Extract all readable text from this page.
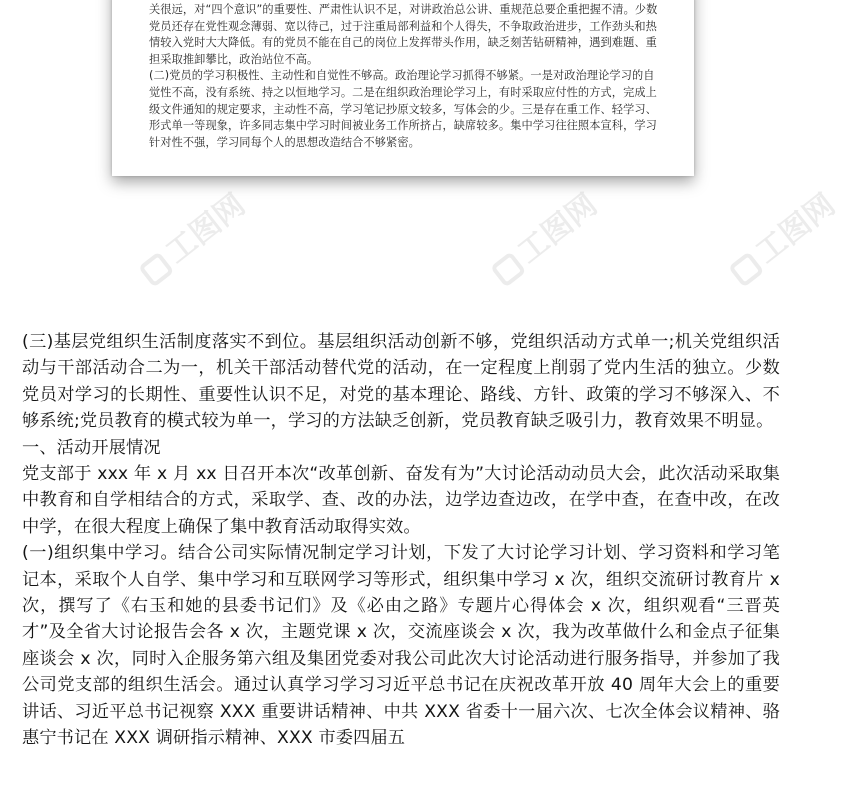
关很远，对“四个意识”的重要性、严肃性认识不足，对讲政治总公讲、重规范总要企重把握不清。少数党员还存在党性观念薄弱、宽以待己，过于注重局部利益和个人得失，不争取政治进步，工作劲头和热情较入党时大大降低。有的党员不能在自己的岗位上发挥带头作用，缺乏刻苦钻研精神，遇到难题、重担采取推卸攀比，政治站位不高。

(二)党员的学习积极性、主动性和自觉性不够高。政治理论学习抓得不够紧。一是对政治理论学习的自觉性不高，没有系统、持之以恒地学习。二是在组织政治理论学习上，有时采取应付性的方式，完成上级文件通知的规定要求，主动性不高，学习笔记抄原文较多，写体会的少。三是存在重工作、轻学习、形式单一等现象，许多同志集中学习时间被业务工作所挤占，缺席较多。集中学习往往照本宣科，学习针对性不强，学习同每个人的思想改造结合不够紧密。

工图网	工图网	工图网

(三)基层党组织生活制度落实不到位。基层组织活动创新不够，党组织活动方式单一;机关党组织活动与干部活动合二为一，机关干部活动替代党的活动，在一定程度上削弱了党内生活的独立。少数党员对学习的长期性、重要性认识不足，对党的基本理论、路线、方针、政策的学习不够深入、不够系统;党员教育的模式较为单一，学习的方法缺乏创新，党员教育缺乏吸引力，教育效果不明显。

一、活动开展情况

党支部于 xxx 年 x 月 xx 日召开本次“改革创新、奋发有为”大讨论活动动员大会，此次活动采取集中教育和自学相结合的方式，采取学、查、改的办法，边学边查边改，在学中查，在查中改，在改中学，在很大程度上确保了集中教育活动取得实效。

(一)组织集中学习。结合公司实际情况制定学习计划，下发了大讨论学习计划、学习资料和学习笔记本，采取个人自学、集中学习和互联网学习等形式，组织集中学习 x 次，组织交流研讨教育片 x 次，撰写了《右玉和她的县委书记们》及《必由之路》专题片心得体会 x 次，组织观看“三晋英才”及全省大讨论报告会各 x 次，主题党课 x 次，交流座谈会 x 次，我为改革做什么和金点子征集座谈会 x 次，同时入企服务第六组及集团党委对我公司此次大讨论活动进行服务指导，并参加了我公司党支部的组织生活会。通过认真学习学习习近平总书记在庆祝改革开放 40 周年大会上的重要讲话、习近平总书记视察 XXX 重要讲话精神、中共 XXX 省委十一届六次、七次全体会议精神、骆惠宁书记在 XXX 调研指示精神、XXX 市委四届五
